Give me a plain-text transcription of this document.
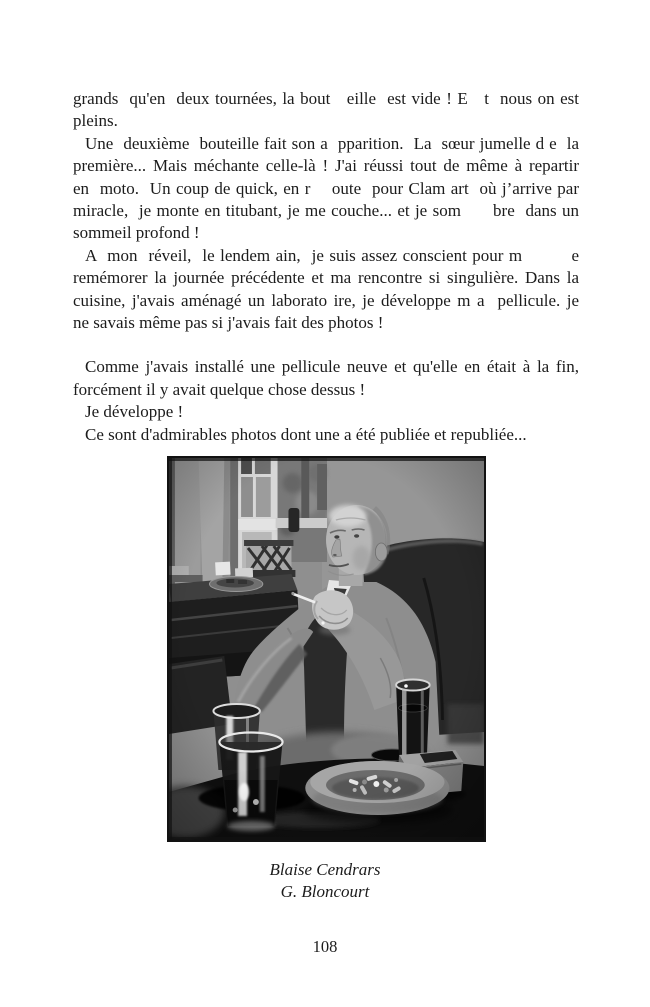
grands  qu'en  deux tournées, la bout   eille  est vide ! E   t  nous on est
pleins.
Une  deuxième  bouteille fait son a  pparition.  La  sœur jumelle d e  la
première... Mais méchante celle-là ! J'ai réussi tout de même à repartir
en  moto.  Un coup de quick, en r    oute  pour Clam art  où j’arrive par
miracle,  je monte en titubant, je me couche... et je som      bre  dans un
sommeil profond !
A  mon  réveil,  le lendem ain,  je suis assez conscient pour m         e
remémorer la journée précédente et ma rencontre si singulière. Dans la
cuisine, j'avais aménagé un laborato ire, je développe m a  pellicule. je
ne savais même pas si j'avais fait des photos !
Comme j'avais installé une pellicule neuve et qu'elle en était à la fin,
forcément il y avait quelque chose dessus !
Je développe !
Ce sont d'admirables photos dont une a été publiée et republiée...
Blaise Cendrars
G. Bloncourt
108
